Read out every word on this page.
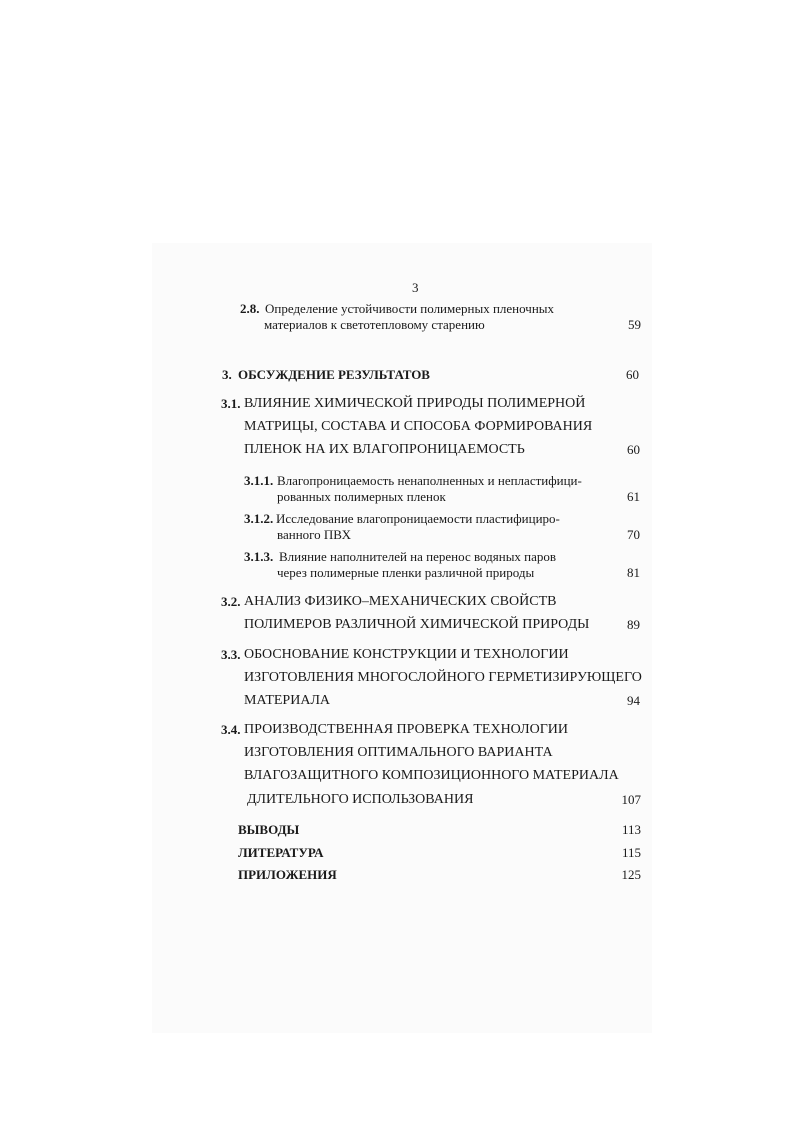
3
2.8. Определение устойчивости полимерных пленочных
материалов к светотепловому старению	59
3. ОБСУЖДЕНИЕ РЕЗУЛЬТАТОВ	60
3.1. ВЛИЯНИЕ ХИМИЧЕСКОЙ ПРИРОДЫ ПОЛИМЕРНОЙ
МАТРИЦЫ, СОСТАВА И СПОСОБА ФОРМИРОВАНИЯ
ПЛЕНОК НА ИХ ВЛАГОПРОНИЦАЕМОСТЬ	60
3.1.1. Влагопроницаемость ненаполненных и непластифици-
рованных полимерных пленок	61
3.1.2. Исследование влагопроницаемости пластифициро-
ванного ПВХ	70
3.1.3. Влияние наполнителей на перенос водяных паров
через полимерные пленки различной природы	81
3.2. АНАЛИЗ ФИЗИКО–МЕХАНИЧЕСКИХ СВОЙСТВ
ПОЛИМЕРОВ РАЗЛИЧНОЙ ХИМИЧЕСКОЙ ПРИРОДЫ	89
3.3. ОБОСНОВАНИЕ КОНСТРУКЦИИ И ТЕХНОЛОГИИ
ИЗГОТОВЛЕНИЯ МНОГОСЛОЙНОГО ГЕРМЕТИЗИРУЮЩЕГО
МАТЕРИАЛА	94
3.4. ПРОИЗВОДСТВЕННАЯ ПРОВЕРКА ТЕХНОЛОГИИ
ИЗГОТОВЛЕНИЯ ОПТИМАЛЬНОГО ВАРИАНТА
ВЛАГОЗАЩИТНОГО КОМПОЗИЦИОННОГО МАТЕРИАЛА
ДЛИТЕЛЬНОГО ИСПОЛЬЗОВАНИЯ	107
ВЫВОДЫ	113
ЛИТЕРАТУРА	115
ПРИЛОЖЕНИЯ	125
